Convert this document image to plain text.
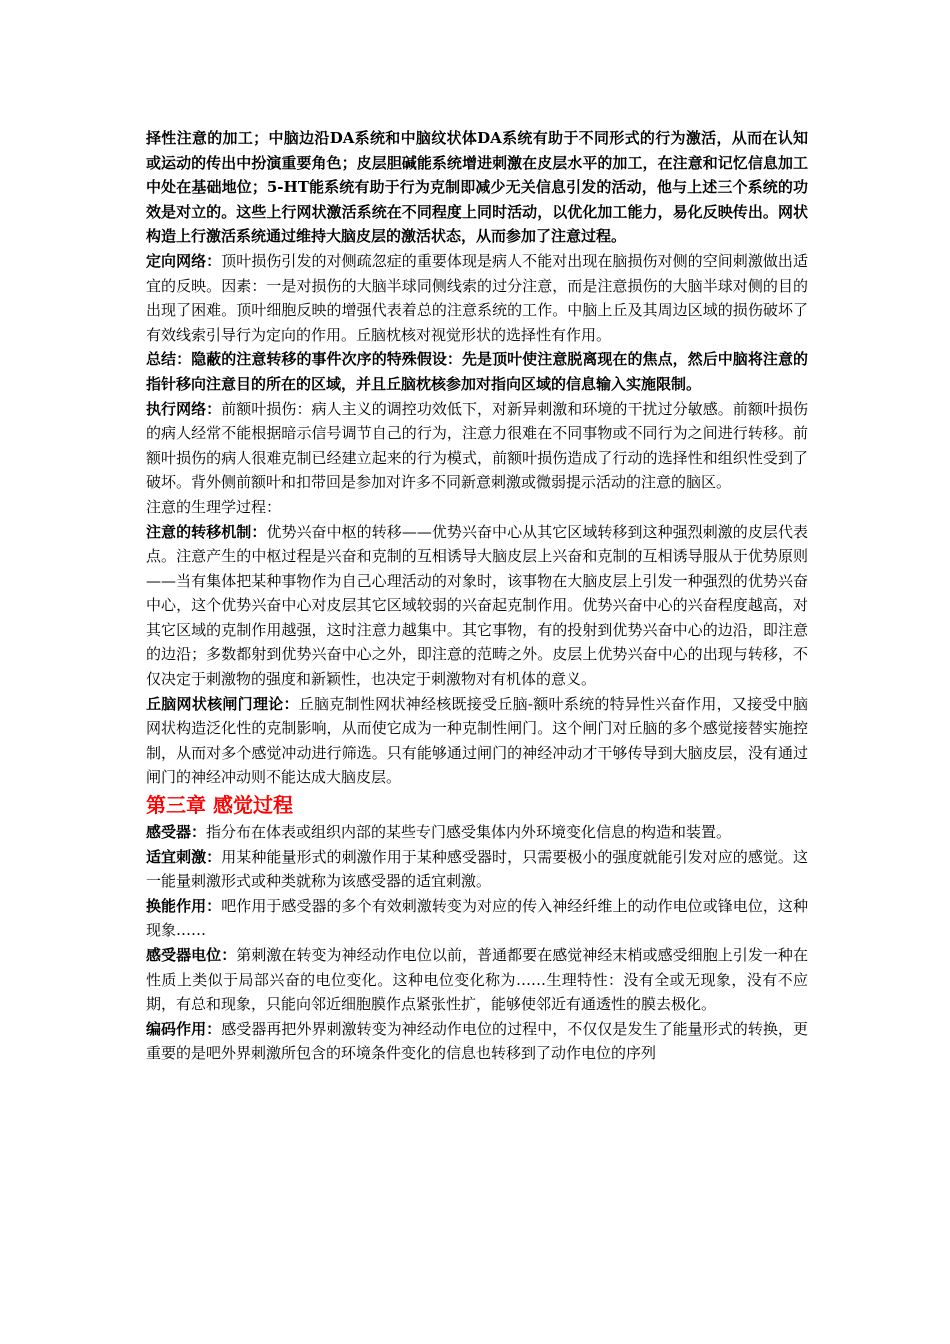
择性注意的加工；中脑边沿DA系统和中脑纹状体DA系统有助于不同形式的行为激活，从而在认知或运动的传出中扮演重要角色；皮层胆碱能系统增进刺激在皮层水平的加工，在注意和记忆信息加工中处在基础地位；5-HT能系统有助于行为克制即减少无关信息引发的活动，他与上述三个系统的功效是对立的。这些上行网状激活系统在不同程度上同时活动，以优化加工能力，易化反映传出。网状构造上行激活系统通过维持大脑皮层的激活状态，从而参加了注意过程。

定向网络：顶叶损伤引发的对侧疏忽症的重要体现是病人不能对出现在脑损伤对侧的空间刺激做出适宜的反映。因素：一是对损伤的大脑半球同侧线索的过分注意，而是注意损伤的大脑半球对侧的目的出现了困难。顶叶细胞反映的增强代表着总的注意系统的工作。中脑上丘及其周边区域的损伤破坏了有效线索引导行为定向的作用。丘脑枕核对视觉形状的选择性有作用。

总结：隐蔽的注意转移的事件次序的特殊假设：先是顶叶使注意脱离现在的焦点，然后中脑将注意的指针移向注意目的所在的区域，并且丘脑枕核参加对指向区域的信息输入实施限制。

执行网络：前额叶损伤：病人主义的调控功效低下，对新异刺激和环境的干扰过分敏感。前额叶损伤的病人经常不能根据暗示信号调节自己的行为，注意力很难在不同事物或不同行为之间进行转移。前额叶损伤的病人很难克制已经建立起来的行为模式，前额叶损伤造成了行动的选择性和组织性受到了破坏。背外侧前额叶和扣带回是参加对许多不同新意刺激或微弱提示活动的注意的脑区。

注意的生理学过程：

注意的转移机制：优势兴奋中枢的转移——优势兴奋中心从其它区域转移到这种强烈刺激的皮层代表点。注意产生的中枢过程是兴奋和克制的互相诱导大脑皮层上兴奋和克制的互相诱导服从于优势原则——当有集体把某种事物作为自己心理活动的对象时，该事物在大脑皮层上引发一种强烈的优势兴奋中心，这个优势兴奋中心对皮层其它区域较弱的兴奋起克制作用。优势兴奋中心的兴奋程度越高，对其它区域的克制作用越强，这时注意力越集中。其它事物，有的投射到优势兴奋中心的边沿，即注意的边沿；多数都射到优势兴奋中心之外，即注意的范畴之外。皮层上优势兴奋中心的出现与转移，不仅决定于刺激物的强度和新颖性，也决定于刺激物对有机体的意义。

丘脑网状核闸门理论：丘脑克制性网状神经核既接受丘脑-额叶系统的特异性兴奋作用，又接受中脑网状构造泛化性的克制影响，从而使它成为一种克制性闸门。这个闸门对丘脑的多个感觉接替实施控制，从而对多个感觉冲动进行筛选。只有能够通过闸门的神经冲动才干够传导到大脑皮层，没有通过闸门的神经冲动则不能达成大脑皮层。

第三章 感觉过程

感受器：指分布在体表或组织内部的某些专门感受集体内外环境变化信息的构造和装置。

适宜刺激：用某种能量形式的刺激作用于某种感受器时，只需要极小的强度就能引发对应的感觉。这一能量刺激形式或种类就称为该感受器的适宜刺激。

换能作用：吧作用于感受器的多个有效刺激转变为对应的传入神经纤维上的动作电位或锋电位，这种现象……

感受器电位：第刺激在转变为神经动作电位以前，普通都要在感觉神经末梢或感受细胞上引发一种在性质上类似于局部兴奋的电位变化。这种电位变化称为……生理特性：没有全或无现象，没有不应期，有总和现象，只能向邻近细胞膜作点紧张性扩，能够使邻近有通透性的膜去极化。

编码作用：感受器再把外界刺激转变为神经动作电位的过程中，不仅仅是发生了能量形式的转换，更重要的是吧外界刺激所包含的环境条件变化的信息也转移到了动作电位的序列
